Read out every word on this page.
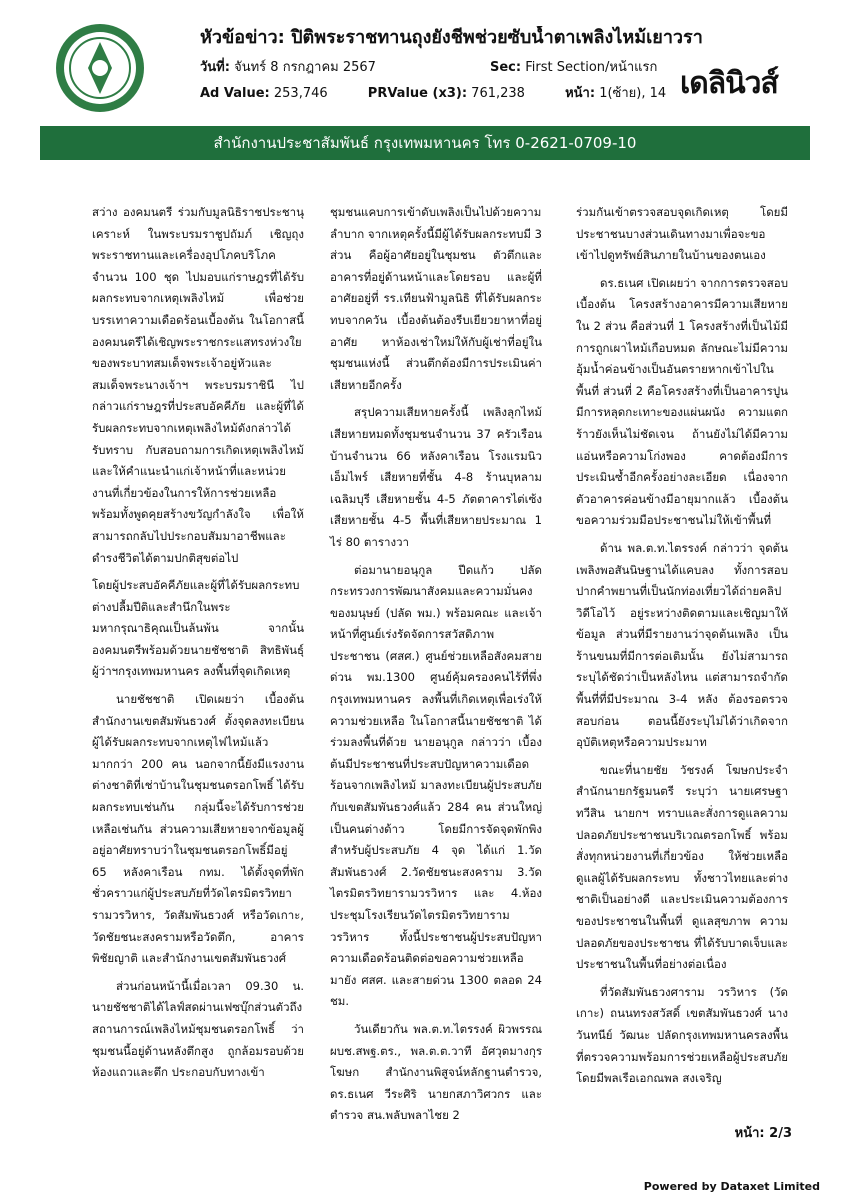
หัวข้อข่าว: ปิติพระราชทานถุงยังชีพช่วยซับน้ำตาเพลิงไหม้เยาวรา
วันที่: จันทร์ 8 กรกฎาคม 2567	Sec: First Section/หน้าแรก
Ad Value: 253,746	PRValue (x3): 761,238	หน้า: 1(ซ้าย), 14 เดลินิวส์
สำนักงานประชาสัมพันธ์ กรุงเทพมหานคร โทร 0-2621-0709-10

สว่าง องคมนตรี ร่วมกับมูลนิธิราชประชานุเคราะห์ ในพระบรมราชูปถัมภ์ เชิญถุงพระราชทานและเครื่องอุปโภคบริโภค จำนวน 100 ชุด ไปมอบแก่ราษฎรที่ได้รับผลกระทบจากเหตุเพลิงไหม้ เพื่อช่วยบรรเทาความเดือดร้อนเบื้องต้น ในโอกาสนี้องคมนตรีได้เชิญพระราชกระแสทรงห่วงใยของพระบาทสมเด็จพระเจ้าอยู่หัวและสมเด็จพระนางเจ้าฯ พระบรมราชินี ไปกล่าวแก่ราษฎรที่ประสบอัคคีภัย และผู้ที่ได้รับผลกระทบจากเหตุเพลิงไหม้ดังกล่าวได้รับทราบ กับสอบถามการเกิดเหตุเพลิงไหม้ และให้คำแนะนำแก่เจ้าหน้าที่และหน่วยงานที่เกี่ยวข้องในการให้การช่วยเหลือ พร้อมทั้งพูดคุยสร้างขวัญกำลังใจ เพื่อให้สามารถกลับไปประกอบสัมมาอาชีพและดำรงชีวิตได้ตามปกติสุขต่อไป

โดยผู้ประสบอัคคีภัยและผู้ที่ได้รับผลกระทบ ต่างปลื้มปีติและสำนึกในพระมหากรุณาธิคุณเป็นล้นพ้น จากนั้นองคมนตรีพร้อมด้วยนายชัชชาติ สิทธิพันธุ์ ผู้ว่าฯกรุงเทพมหานคร ลงพื้นที่จุดเกิดเหตุ

นายชัชชาติ เปิดเผยว่า เบื้องต้นสำนักงานเขตสัมพันธวงศ์ ตั้งจุดลงทะเบียนผู้ได้รับผลกระทบจากเหตุไฟไหม้แล้วมากกว่า 200 คน นอกจากนี้ยังมีแรงงานต่างชาติที่เช่าบ้านในชุมชนตรอกโพธิ์ ได้รับผลกระทบเช่นกัน กลุ่มนี้จะได้รับการช่วยเหลือเช่นกัน ส่วนความเสียหายจากข้อมูลผู้อยู่อาศัยทราบว่าในชุมชนตรอกโพธิ์มีอยู่ 65 หลังคาเรือน กทม. ได้ตั้งจุดที่พักชั่วคราวแก่ผู้ประสบภัยที่วัดไตรมิตรวิทยารามวรวิหาร, วัดสัมพันธวงศ์ หรือวัดเกาะ, วัดชัยชนะสงครามหรือวัดตึก, อาคารพิชัยญาติ และสำนักงานเขตสัมพันธวงศ์

ส่วนก่อนหน้านี้เมื่อเวลา 09.30 น. นายชัชชาติได้ไลฟ์สดผ่านเฟซบุ๊กส่วนตัวถึงสถานการณ์เพลิงไหม้ชุมชนตรอกโพธิ์ ว่าชุมชนนี้อยู่ด้านหลังตึกสูง ถูกล้อมรอบด้วยห้องแถวและตึก ประกอบกับทางเข้า

ชุมชนแคบการเข้าดับเพลิงเป็นไปด้วยความลำบาก จากเหตุครั้งนี้มีผู้ได้รับผลกระทบมี 3 ส่วน คือผู้อาศัยอยู่ในชุมชน ตัวตึกและอาคารที่อยู่ด้านหน้าและโดยรอบ และผู้ที่อาศัยอยู่ที่ รร.เทียนฟ้ามูลนิธิ ที่ได้รับผลกระทบจากควัน เบื้องต้นต้องรีบเยียวยาหาที่อยู่อาศัย หาห้องเช่าใหม่ให้กับผู้เช่าที่อยู่ในชุมชนแห่งนี้ ส่วนตึกต้องมีการประเมินค่าเสียหายอีกครั้ง

สรุปความเสียหายครั้งนี้ เพลิงลุกไหม้เสียหายหมดทั้งชุมชนจำนวน 37 ครัวเรือน บ้านจำนวน 66 หลังคาเรือน โรงแรมนิวเอ็มไพร์ เสียหายที่ชั้น 4-8 ร้านบุหลามเฉลิมบุรี เสียหายชั้น 4-5 ภัตตาคารไต่เซ้งเสียหายชั้น 4-5 พื้นที่เสียหายประมาณ 1 ไร่ 80 ตารางวา

ต่อมานายอนุกูล ปีดแก้ว ปลัดกระทรวงการพัฒนาสังคมและความมั่นคงของมนุษย์ (ปลัด พม.) พร้อมคณะ และเจ้าหน้าที่ศูนย์เร่งรัดจัดการสวัสดิภาพประชาชน (ศสศ.) ศูนย์ช่วยเหลือสังคมสายด่วน พม.1300 ศูนย์คุ้มครองคนไร้ที่พึ่งกรุงเทพมหานคร ลงพื้นที่เกิดเหตุเพื่อเร่งให้ความช่วยเหลือ ในโอกาสนี้นายชัชชาติ ได้ร่วมลงพื้นที่ด้วย นายอนุกูล กล่าวว่า เบื้องต้นมีประชาชนที่ประสบปัญหาความเดือดร้อนจากเพลิงไหม้ มาลงทะเบียนผู้ประสบภัยกับเขตสัมพันธวงศ์แล้ว 284 คน ส่วนใหญ่เป็นคนต่างด้าว โดยมีการจัดจุดพักพิงสำหรับผู้ประสบภัย 4 จุด ได้แก่ 1.วัดสัมพันธวงศ์ 2.วัดชัยชนะสงคราม 3.วัดไตรมิตรวิทยารามวรวิหาร และ 4.ห้องประชุมโรงเรียนวัดไตรมิตรวิทยารามวรวิหาร ทั้งนี้ประชาชนผู้ประสบปัญหาความเดือดร้อนติดต่อขอความช่วยเหลือมายัง ศสศ. และสายด่วน 1300 ตลอด 24 ชม.

วันเดียวกัน พล.ต.ท.ไตรรงค์ ผิวพรรณ ผบช.สพฐ.ตร., พล.ต.ต.วาที อัศวุตมางกุร โฆษก สำนักงานพิสูจน์หลักฐานตำรวจ, ดร.ธเนศ วีระศิริ นายกสภาวิศวกร และตำรวจ สน.พลับพลาไชย 2

ร่วมกันเข้าตรวจสอบจุดเกิดเหตุ โดยมีประชาชนบางส่วนเดินทางมาเพื่อจะขอเข้าไปดูทรัพย์สินภายในบ้านของตนเอง

ดร.ธเนศ เปิดเผยว่า จากการตรวจสอบเบื้องต้น โครงสร้างอาคารมีความเสียหายใน 2 ส่วน คือส่วนที่ 1 โครงสร้างที่เป็นไม้มีการถูกเผาไหม้เกือบหมด ลักษณะไม่มีความอุ้มน้ำค่อนข้างเป็นอันตรายหากเข้าไปในพื้นที่ ส่วนที่ 2 คือโครงสร้างที่เป็นอาคารปูน มีการหลุดกะเทาะของแผ่นผนัง ความแตกร้าวยังเห็นไม่ชัดเจน ถ้านยังไม่ได้มีความแอ่นหรือความโก่งพอง คาดต้องมีการประเมินซ้ำอีกครั้งอย่างละเอียด เนื่องจากตัวอาคารค่อนข้างมีอายุมากแล้ว เบื้องต้นขอความร่วมมือประชาชนไม่ให้เข้าพื้นที่

ด้าน พล.ต.ท.ไตรรงค์ กล่าวว่า จุดต้นเพลิงพอสันนิษฐานได้แคบลง ทั้งการสอบปากคำพยานที่เป็นนักท่องเที่ยวได้ถ่ายคลิปวิดีโอไว้ อยู่ระหว่างติดตามและเชิญมาให้ข้อมูล ส่วนที่มีรายงานว่าจุดต้นเพลิง เป็นร้านขนมที่มีการต่อเติมนั้น ยังไม่สามารถระบุได้ชัดว่าเป็นหลังไหน แต่สามารถจำกัดพื้นที่ที่มีประมาณ 3-4 หลัง ต้องรอตรวจสอบก่อน ตอนนี้ยังระบุไม่ได้ว่าเกิดจากอุบัติเหตุหรือความประมาท

ขณะที่นายชัย วัชรงค์ โฆษกประจำสำนักนายกรัฐมนตรี ระบุว่า นายเศรษฐา ทวีสิน นายกฯ ทราบและสั่งการดูแลความปลอดภัยประชาชนบริเวณตรอกโพธิ์ พร้อมสั่งทุกหน่วยงานที่เกี่ยวข้อง ให้ช่วยเหลือดูแลผู้ได้รับผลกระทบ ทั้งชาวไทยและต่างชาติเป็นอย่างดี และประเมินความต้องการของประชาชนในพื้นที่ ดูแลสุขภาพ ความปลอดภัยของประชาชน ที่ได้รับบาดเจ็บและประชาชนในพื้นที่อย่างต่อเนื่อง

ที่วัดสัมพันธวงศาราม วรวิหาร (วัดเกาะ) ถนนทรงสวัสดิ์ เขตสัมพันธวงศ์ นางวันทนีย์ วัฒนะ ปลัดกรุงเทพมหานครลงพื้นที่ตรวจความพร้อมการช่วยเหลือผู้ประสบภัย โดยมีพลเรือเอกณพล สงเจริญ

หน้า: 2/3
Powered by Dataxet Limited
